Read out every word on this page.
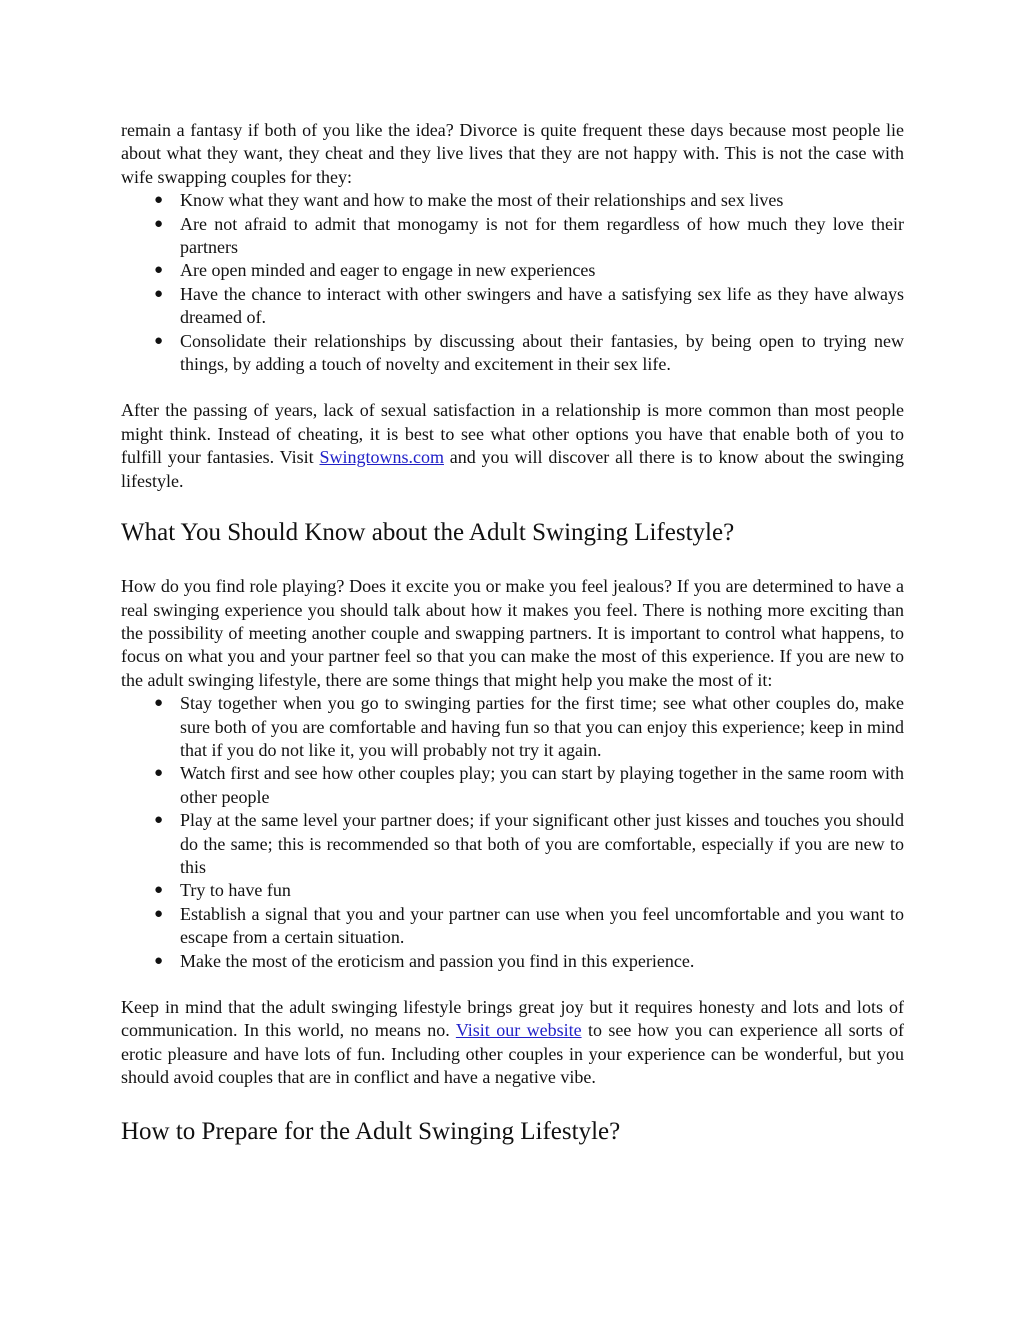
remain a fantasy if both of you like the idea? Divorce is quite frequent these days because most people lie about what they want, they cheat and they live lives that they are not happy with. This is not the case with wife swapping couples for they:

● Know what they want and how to make the most of their relationships and sex lives
● Are not afraid to admit that monogamy is not for them regardless of how much they love their partners
● Are open minded and eager to engage in new experiences
● Have the chance to interact with other swingers and have a satisfying sex life as they have always dreamed of.
● Consolidate their relationships by discussing about their fantasies, by being open to trying new things, by adding a touch of novelty and excitement in their sex life.

After the passing of years, lack of sexual satisfaction in a relationship is more common than most people might think. Instead of cheating, it is best to see what other options you have that enable both of you to fulfill your fantasies. Visit Swingtowns.com and you will discover all there is to know about the swinging lifestyle.

What You Should Know about the Adult Swinging Lifestyle?

How do you find role playing? Does it excite you or make you feel jealous? If you are determined to have a real swinging experience you should talk about how it makes you feel. There is nothing more exciting than the possibility of meeting another couple and swapping partners. It is important to control what happens, to focus on what you and your partner feel so that you can make the most of this experience. If you are new to the adult swinging lifestyle, there are some things that might help you make the most of it:

● Stay together when you go to swinging parties for the first time; see what other couples do, make sure both of you are comfortable and having fun so that you can enjoy this experience; keep in mind that if you do not like it, you will probably not try it again.
● Watch first and see how other couples play; you can start by playing together in the same room with other people
● Play at the same level your partner does; if your significant other just kisses and touches you should do the same; this is recommended so that both of you are comfortable, especially if you are new to this
● Try to have fun
● Establish a signal that you and your partner can use when you feel uncomfortable and you want to escape from a certain situation.
● Make the most of the eroticism and passion you find in this experience.

Keep in mind that the adult swinging lifestyle brings great joy but it requires honesty and lots and lots of communication. In this world, no means no. Visit our website to see how you can experience all sorts of erotic pleasure and have lots of fun. Including other couples in your experience can be wonderful, but you should avoid couples that are in conflict and have a negative vibe.

How to Prepare for the Adult Swinging Lifestyle?
